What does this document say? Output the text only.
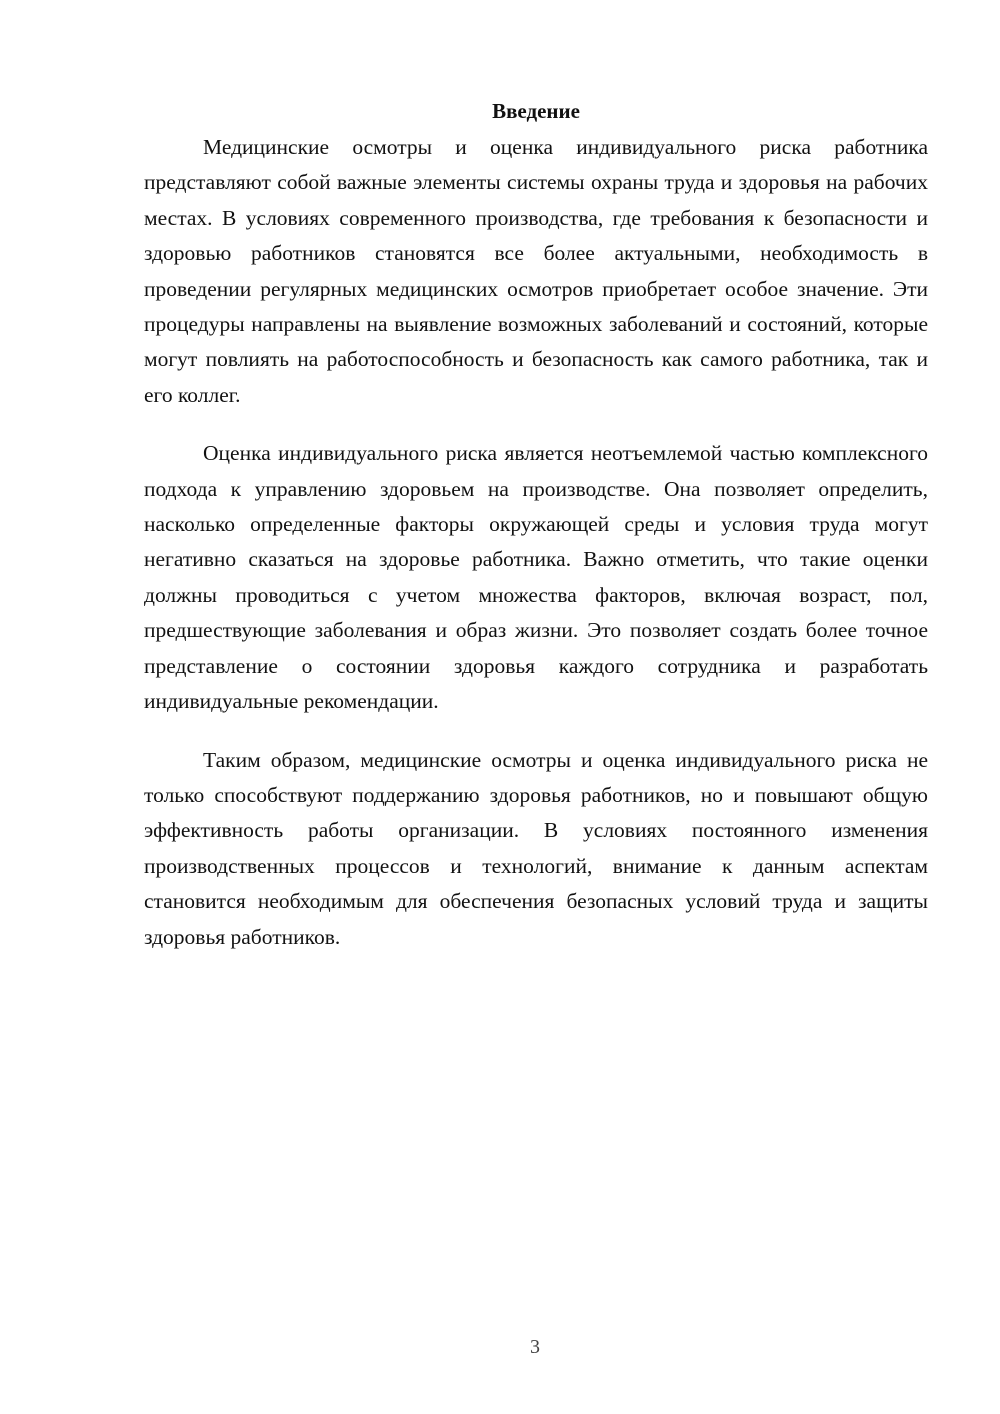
Введение

Медицинские осмотры и оценка индивидуального риска работника представляют собой важные элементы системы охраны труда и здоровья на рабочих местах. В условиях современного производства, где требования к безопасности и здоровью работников становятся все более актуальными, необходимость в проведении регулярных медицинских осмотров приобретает особое значение. Эти процедуры направлены на выявление возможных заболеваний и состояний, которые могут повлиять на работоспособность и безопасность как самого работника, так и его коллег.

Оценка индивидуального риска является неотъемлемой частью комплексного подхода к управлению здоровьем на производстве. Она позволяет определить, насколько определенные факторы окружающей среды и условия труда могут негативно сказаться на здоровье работника. Важно отметить, что такие оценки должны проводиться с учетом множества факторов, включая возраст, пол, предшествующие заболевания и образ жизни. Это позволяет создать более точное представление о состоянии здоровья каждого сотрудника и разработать индивидуальные рекомендации.

Таким образом, медицинские осмотры и оценка индивидуального риска не только способствуют поддержанию здоровья работников, но и повышают общую эффективность работы организации. В условиях постоянного изменения производственных процессов и технологий, внимание к данным аспектам становится необходимым для обеспечения безопасных условий труда и защиты здоровья работников.

3
